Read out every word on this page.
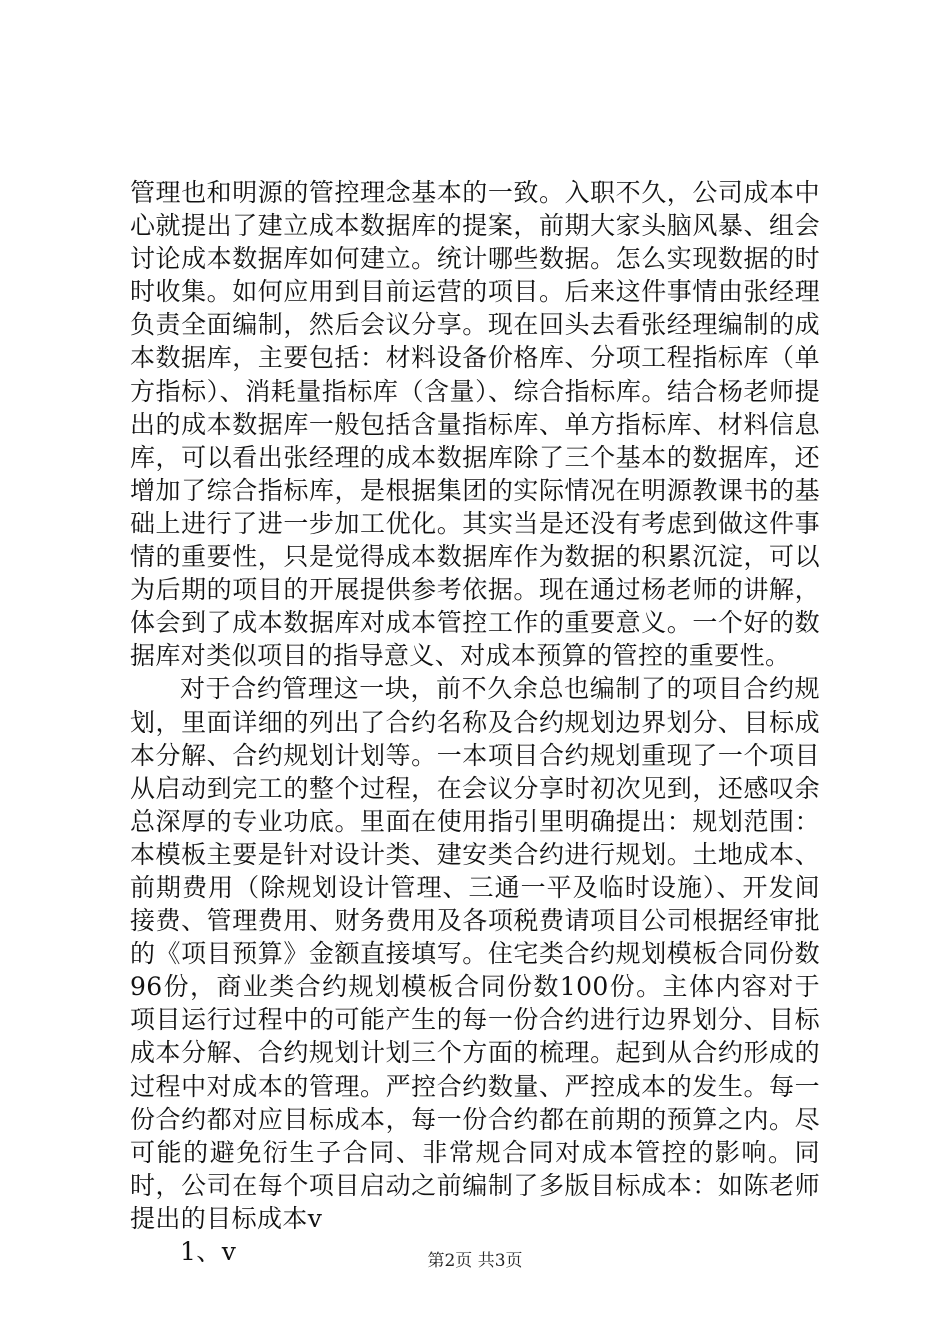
管理也和明源的管控理念基本的一致。入职不久，公司成本中心就提出了建立成本数据库的提案，前期大家头脑风暴、组会讨论成本数据库如何建立。统计哪些数据。怎么实现数据的时时收集。如何应用到目前运营的项目。后来这件事情由张经理负责全面编制，然后会议分享。现在回头去看张经理编制的成本数据库，主要包括：材料设备价格库、分项工程指标库（单方指标）、消耗量指标库（含量）、综合指标库。结合杨老师提出的成本数据库一般包括含量指标库、单方指标库、材料信息库，可以看出张经理的成本数据库除了三个基本的数据库，还增加了综合指标库，是根据集团的实际情况在明源教课书的基础上进行了进一步加工优化。其实当是还没有考虑到做这件事情的重要性，只是觉得成本数据库作为数据的积累沉淀，可以为后期的项目的开展提供参考依据。现在通过杨老师的讲解，体会到了成本数据库对成本管控工作的重要意义。一个好的数据库对类似项目的指导意义、对成本预算的管控的重要性。

对于合约管理这一块，前不久余总也编制了的项目合约规划，里面详细的列出了合约名称及合约规划边界划分、目标成本分解、合约规划计划等。一本项目合约规划重现了一个项目从启动到完工的整个过程，在会议分享时初次见到，还感叹余总深厚的专业功底。里面在使用指引里明确提出：规划范围：本模板主要是针对设计类、建安类合约进行规划。土地成本、前期费用（除规划设计管理、三通一平及临时设施）、开发间接费、管理费用、财务费用及各项税费请项目公司根据经审批的《项目预算》金额直接填写。住宅类合约规划模板合同份数96份，商业类合约规划模板合同份数100份。主体内容对于项目运行过程中的可能产生的每一份合约进行边界划分、目标成本分解、合约规划计划三个方面的梳理。起到从合约形成的过程中对成本的管理。严控合约数量、严控成本的发生。每一份合约都对应目标成本，每一份合约都在前期的预算之内。尽可能的避免衍生子合同、非常规合同对成本管控的影响。同时，公司在每个项目启动之前编制了多版目标成本：如陈老师提出的目标成本v

1、v	第2页 共3页
